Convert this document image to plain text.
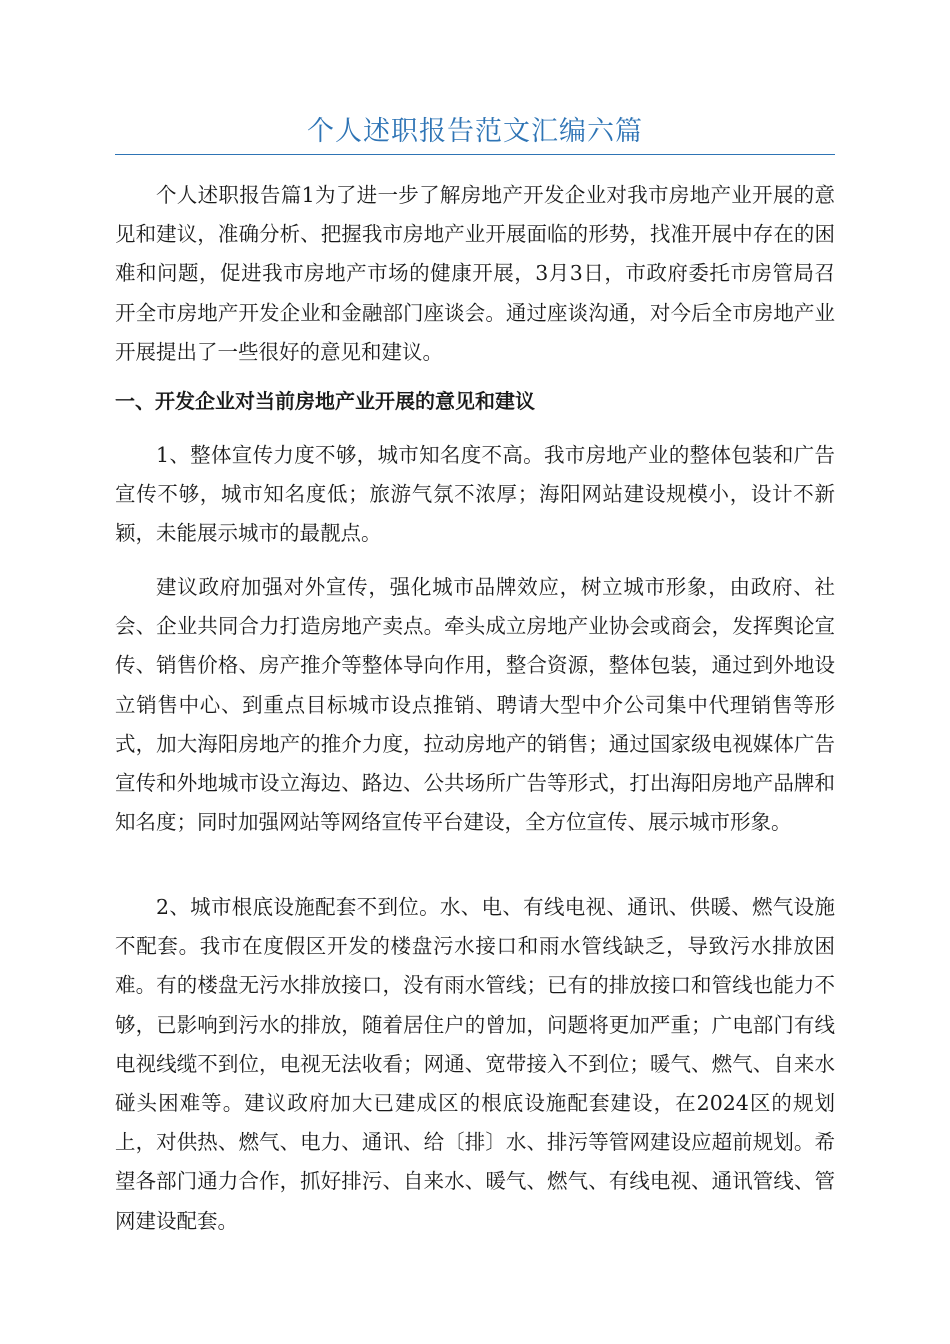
个人述职报告范文汇编六篇

个人述职报告篇1为了进一步了解房地产开发企业对我市房地产业开展的意见和建议，准确分析、把握我市房地产业开展面临的形势，找准开展中存在的困难和问题，促进我市房地产市场的健康开展，3月3日，市政府委托市房管局召开全市房地产开发企业和金融部门座谈会。通过座谈沟通，对今后全市房地产业开展提出了一些很好的意见和建议。

一、开发企业对当前房地产业开展的意见和建议

1、整体宣传力度不够，城市知名度不高。我市房地产业的整体包装和广告宣传不够，城市知名度低；旅游气氛不浓厚；海阳网站建设规模小，设计不新颖，未能展示城市的最靓点。

建议政府加强对外宣传，强化城市品牌效应，树立城市形象，由政府、社会、企业共同合力打造房地产卖点。牵头成立房地产业协会或商会，发挥舆论宣传、销售价格、房产推介等整体导向作用，整合资源，整体包装，通过到外地设立销售中心、到重点目标城市设点推销、聘请大型中介公司集中代理销售等形式，加大海阳房地产的推介力度，拉动房地产的销售；通过国家级电视媒体广告宣传和外地城市设立海边、路边、公共场所广告等形式，打出海阳房地产品牌和知名度；同时加强网站等网络宣传平台建设，全方位宣传、展示城市形象。

2、城市根底设施配套不到位。水、电、有线电视、通讯、供暖、燃气设施不配套。我市在度假区开发的楼盘污水接口和雨水管线缺乏，导致污水排放困难。有的楼盘无污水排放接口，没有雨水管线；已有的排放接口和管线也能力不够，已影响到污水的排放，随着居住户的曾加，问题将更加严重；广电部门有线电视线缆不到位，电视无法收看；网通、宽带接入不到位；暖气、燃气、自来水碰头困难等。建议政府加大已建成区的根底设施配套建设，在2024区的规划上，对供热、燃气、电力、通讯、给〔排〕水、排污等管网建设应超前规划。希望各部门通力合作，抓好排污、自来水、暖气、燃气、有线电视、通讯管线、管网建设配套。
